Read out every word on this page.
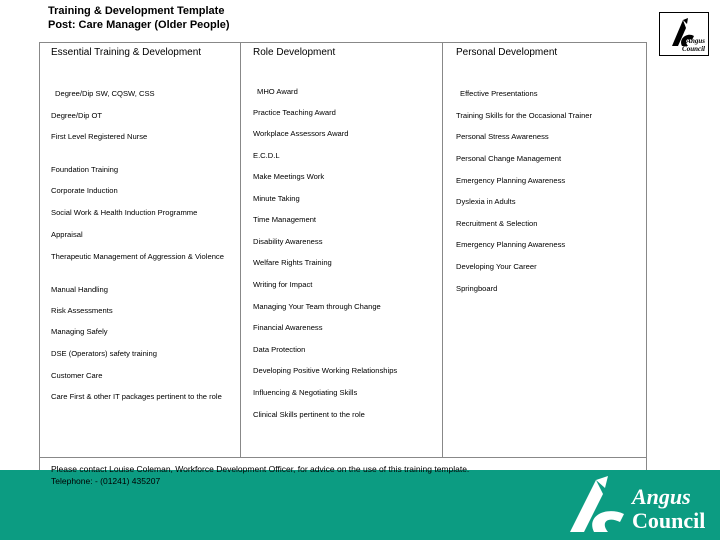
Training & Development Template
Post: Care Manager (Older People)
Angus
Council
Essential Training & Development	Role Development	Personal Development
Degree/Dip SW, CQSW, CSS
Degree/Dip OT
First Level Registered Nurse
Foundation Training
Corporate Induction
Social Work & Health Induction Programme
Appraisal
Therapeutic Management of Aggression & Violence
Manual Handling
Risk Assessments
Managing Safely
DSE (Operators) safety training
Customer Care
Care First & other IT packages pertinent to the role
MHO Award
Practice Teaching Award
Workplace Assessors Award
E.C.D.L
Make Meetings Work
Minute Taking
Time Management
Disability Awareness
Welfare Rights Training
Writing for Impact
Managing Your Team through Change
Financial Awareness
Data Protection
Developing Positive Working Relationships
Influencing & Negotiating Skills
Clinical Skills pertinent to the role
Effective Presentations
Training Skills for the Occasional Trainer
Personal Stress Awareness
Personal Change Management
Emergency Planning Awareness
Dyslexia in Adults
Recruitment & Selection
Emergency Planning Awareness
Developing Your Career
Springboard
Please contact Louise Coleman, Workforce Development Officer, for advice on the use of this training template.
Telephone: - (01241) 435207
Angus
Council
